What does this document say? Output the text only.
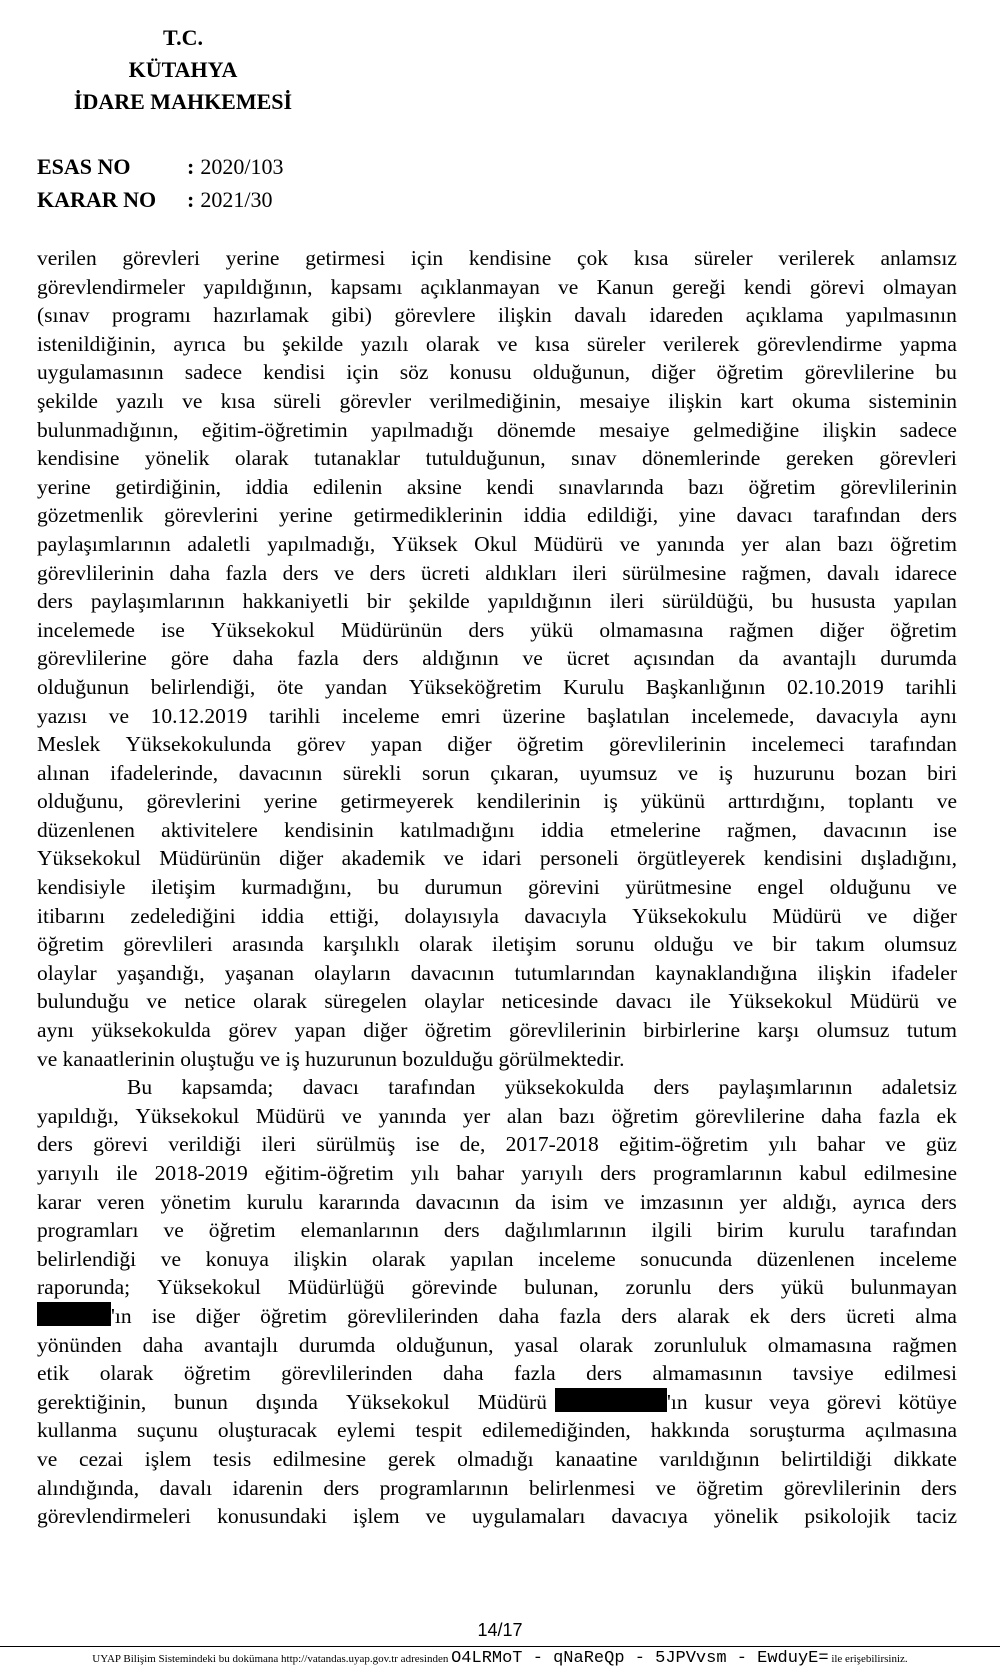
T.C.
KÜTAHYA
İDARE MAHKEMESİ
ESAS NO	: 2020/103
KARAR NO	: 2021/30
verilen görevleri yerine getirmesi için kendisine çok kısa süreler verilerek anlamsız
görevlendirmeler yapıldığının, kapsamı açıklanmayan ve Kanun gereği kendi görevi olmayan
(sınav programı hazırlamak gibi) görevlere ilişkin davalı idareden açıklama yapılmasının
istenildiğinin, ayrıca bu şekilde yazılı olarak ve kısa süreler verilerek görevlendirme yapma
uygulamasının sadece kendisi için söz konusu olduğunun, diğer öğretim görevlilerine bu
şekilde yazılı ve kısa süreli görevler verilmediğinin, mesaiye ilişkin kart okuma sisteminin
bulunmadığının, eğitim-öğretimin yapılmadığı dönemde mesaiye gelmediğine ilişkin sadece
kendisine yönelik olarak tutanaklar tutulduğunun, sınav dönemlerinde gereken görevleri
yerine getirdiğinin, iddia edilenin aksine kendi sınavlarında bazı öğretim görevlilerinin
gözetmenlik görevlerini yerine getirmediklerinin iddia edildiği, yine davacı tarafından ders
paylaşımlarının adaletli yapılmadığı, Yüksek Okul Müdürü ve yanında yer alan bazı öğretim
görevlilerinin daha fazla ders ve ders ücreti aldıkları ileri sürülmesine rağmen, davalı idarece
ders paylaşımlarının hakkaniyetli bir şekilde yapıldığının ileri sürüldüğü, bu hususta yapılan
incelemede ise Yüksekokul Müdürünün ders yükü olmamasına rağmen diğer öğretim
görevlilerine göre daha fazla ders aldığının ve ücret açısından da avantajlı durumda
olduğunun belirlendiği, öte yandan Yükseköğretim Kurulu Başkanlığının 02.10.2019 tarihli
yazısı ve 10.12.2019 tarihli inceleme emri üzerine başlatılan incelemede, davacıyla aynı
Meslek Yüksekokulunda görev yapan diğer öğretim görevlilerinin incelemeci tarafından
alınan ifadelerinde, davacının sürekli sorun çıkaran, uyumsuz ve iş huzurunu bozan biri
olduğunu, görevlerini yerine getirmeyerek kendilerinin iş yükünü arttırdığını, toplantı ve
düzenlenen aktivitelere kendisinin katılmadığını iddia etmelerine rağmen, davacının ise
Yüksekokul Müdürünün diğer akademik ve idari personeli örgütleyerek kendisini dışladığını,
kendisiyle iletişim kurmadığını, bu durumun görevini yürütmesine engel olduğunu ve
itibarını zedelediğini iddia ettiği, dolayısıyla davacıyla Yüksekokulu Müdürü ve diğer
öğretim görevlileri arasında karşılıklı olarak iletişim sorunu olduğu ve bir takım olumsuz
olaylar yaşandığı, yaşanan olayların davacının tutumlarından kaynaklandığına ilişkin ifadeler
bulunduğu ve netice olarak süregelen olaylar neticesinde davacı ile Yüksekokul Müdürü ve
aynı yüksekokulda görev yapan diğer öğretim görevlilerinin birbirlerine karşı olumsuz tutum
ve kanaatlerinin oluştuğu ve iş huzurunun bozulduğu görülmektedir.
Bu kapsamda; davacı tarafından yüksekokulda ders paylaşımlarının adaletsiz
yapıldığı, Yüksekokul Müdürü ve yanında yer alan bazı öğretim görevlilerine daha fazla ek
ders görevi verildiği ileri sürülmüş ise de, 2017-2018 eğitim-öğretim yılı bahar ve güz
yarıyılı ile 2018-2019 eğitim-öğretim yılı bahar yarıyılı ders programlarının kabul edilmesine
karar veren yönetim kurulu kararında davacının da isim ve imzasının yer aldığı, ayrıca ders
programları ve öğretim elemanlarının ders dağılımlarının ilgili birim kurulu tarafından
belirlendiği ve konuya ilişkin olarak yapılan inceleme sonucunda düzenlenen inceleme
raporunda; Yüksekokul Müdürlüğü görevinde bulunan, zorunlu ders yükü bulunmayan
'ın ise diğer öğretim görevlilerinden daha fazla ders alarak ek ders ücreti alma
yönünden daha avantajlı durumda olduğunun, yasal olarak zorunluluk olmamasına rağmen
etik olarak öğretim görevlilerinden daha fazla ders almamasının tavsiye edilmesi
gerektiğinin, bunun dışında Yüksekokul Müdürü	'ın kusur veya görevi kötüye
kullanma suçunu oluşturacak eylemi tespit edilemediğinden, hakkında soruşturma açılmasına
ve cezai işlem tesis edilmesine gerek olmadığı kanaatine varıldığının belirtildiği dikkate
alındığında, davalı idarenin ders programlarının belirlenmesi ve öğretim görevlilerinin ders
görevlendirmeleri konusundaki işlem ve uygulamaları davacıya yönelik psikolojik taciz
14/17
UYAP Bilişim Sistemindeki bu dokümana http://vatandas.uyap.gov.tr adresinden O4LRMoT - qNaReQp - 5JPVvsm - EwduyE= ile erişebilirsiniz.
